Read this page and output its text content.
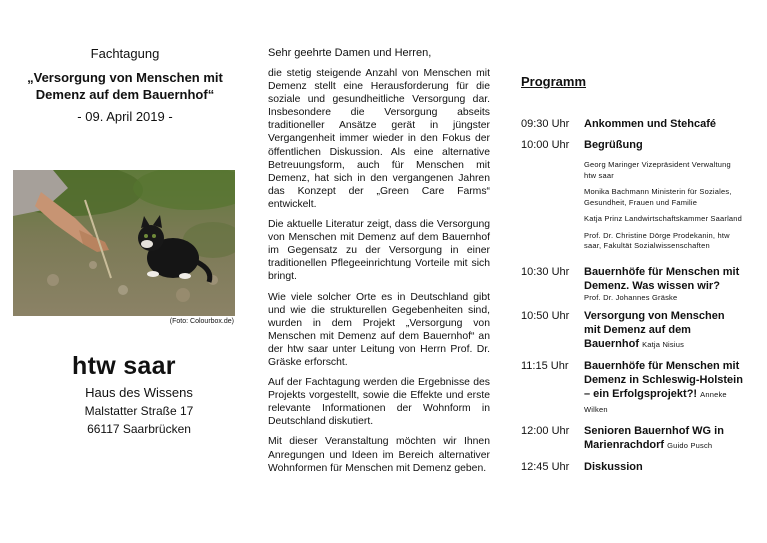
Fachtagung
„Versorgung von Menschen mit
Demenz auf dem Bauernhof“
- 09. April 2019 -
(Foto: Colourbox.de)
htw saar
Haus des Wissens
Malstatter Straße 17
66117 Saarbrücken
Sehr geehrte Damen und Herren,

die stetig steigende Anzahl von Menschen mit Demenz stellt eine Herausforderung für die soziale und gesundheitliche Versorgung dar. Insbesondere die Versorgung abseits traditioneller Ansätze gerät in jüngster Vergangenheit immer wieder in den Fokus der öffentlichen Diskussion. Als eine alternative Betreuungsform, auch für Menschen mit Demenz, hat sich in den vergangenen Jahren das Konzept der „Green Care Farms“ entwickelt.

Die aktuelle Literatur zeigt, dass die Versorgung von Menschen mit Demenz auf dem Bauernhof im Gegensatz zu der Versorgung in einer traditionellen Pflegeeinrichtung Vorteile mit sich bringt.

Wie viele solcher Orte es in Deutschland gibt und wie die strukturellen Gegebenheiten sind, wurden in dem Projekt „Versorgung von Menschen mit Demenz auf dem Bauernhof“ an der htw saar unter Leitung von Herrn Prof. Dr. Gräske erforscht.

Auf der Fachtagung werden die Ergebnisse des Projekts vorgestellt, sowie die Effekte und erste relevante Informationen der Wohnform in Deutschland diskutiert.

Mit dieser Veranstaltung möchten wir Ihnen Anregungen und Ideen im Bereich alternativer Wohnformen für Menschen mit Demenz geben.

Programm
09:30 Uhr	Ankommen und Stehcafé
10:00 Uhr	Begrüßung
Georg Maringer Vizepräsident Verwaltung htw saar
Monika Bachmann Ministerin für Soziales, Gesundheit, Frauen und Familie
Katja Prinz Landwirtschaftskammer Saarland
Prof. Dr. Christine Dörge Prodekanin, htw saar, Fakultät Sozialwissenschaften
10:30 Uhr	Bauernhöfe für Menschen mit Demenz. Was wissen wir?
Prof. Dr. Johannes Gräske
10:50 Uhr	Versorgung von Menschen mit Demenz auf dem Bauernhof Katja Nisius
11:15 Uhr	Bauernhöfe für Menschen mit Demenz in Schleswig-Holstein – ein Erfolgsprojekt?! Anneke Wilken
12:00 Uhr	Senioren Bauernhof WG in Marienrachdorf Guido Pusch
12:45 Uhr	Diskussion
